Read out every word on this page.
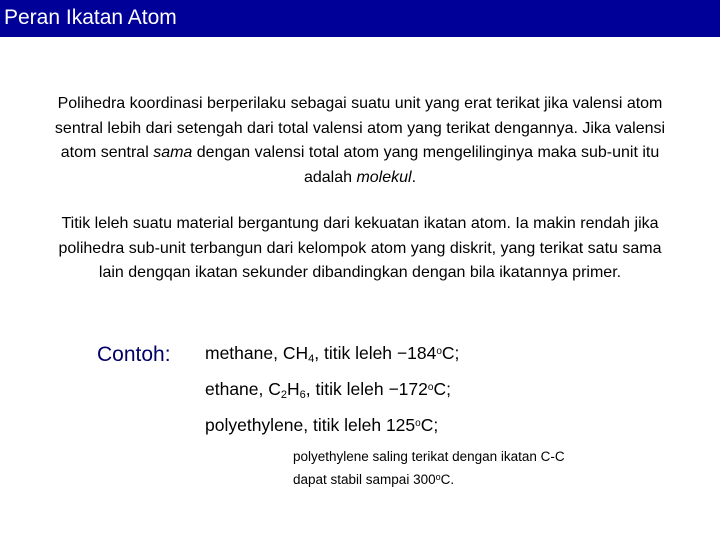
Peran Ikatan Atom
Polihedra koordinasi berperilaku sebagai suatu unit yang erat terikat jika valensi atom sentral lebih dari setengah dari total valensi atom yang terikat dengannya. Jika valensi atom sentral sama dengan valensi total atom yang mengelilinginya maka sub-unit itu adalah molekul.
Titik leleh suatu material bergantung dari kekuatan ikatan atom. Ia makin rendah jika polihedra sub-unit terbangun dari kelompok atom yang diskrit, yang terikat satu sama lain dengqan ikatan sekunder dibandingkan dengan bila ikatannya primer.
Contoh: methane, $CH_4$, titik leleh $-184^oC$;
ethane, $C_2H_6$, titik leleh $-172^oC$;
polyethylene, titik leleh 125$^o$C;
polyethylene saling terikat dengan ikatan C-C
dapat stabil sampai 300$^o$C.
